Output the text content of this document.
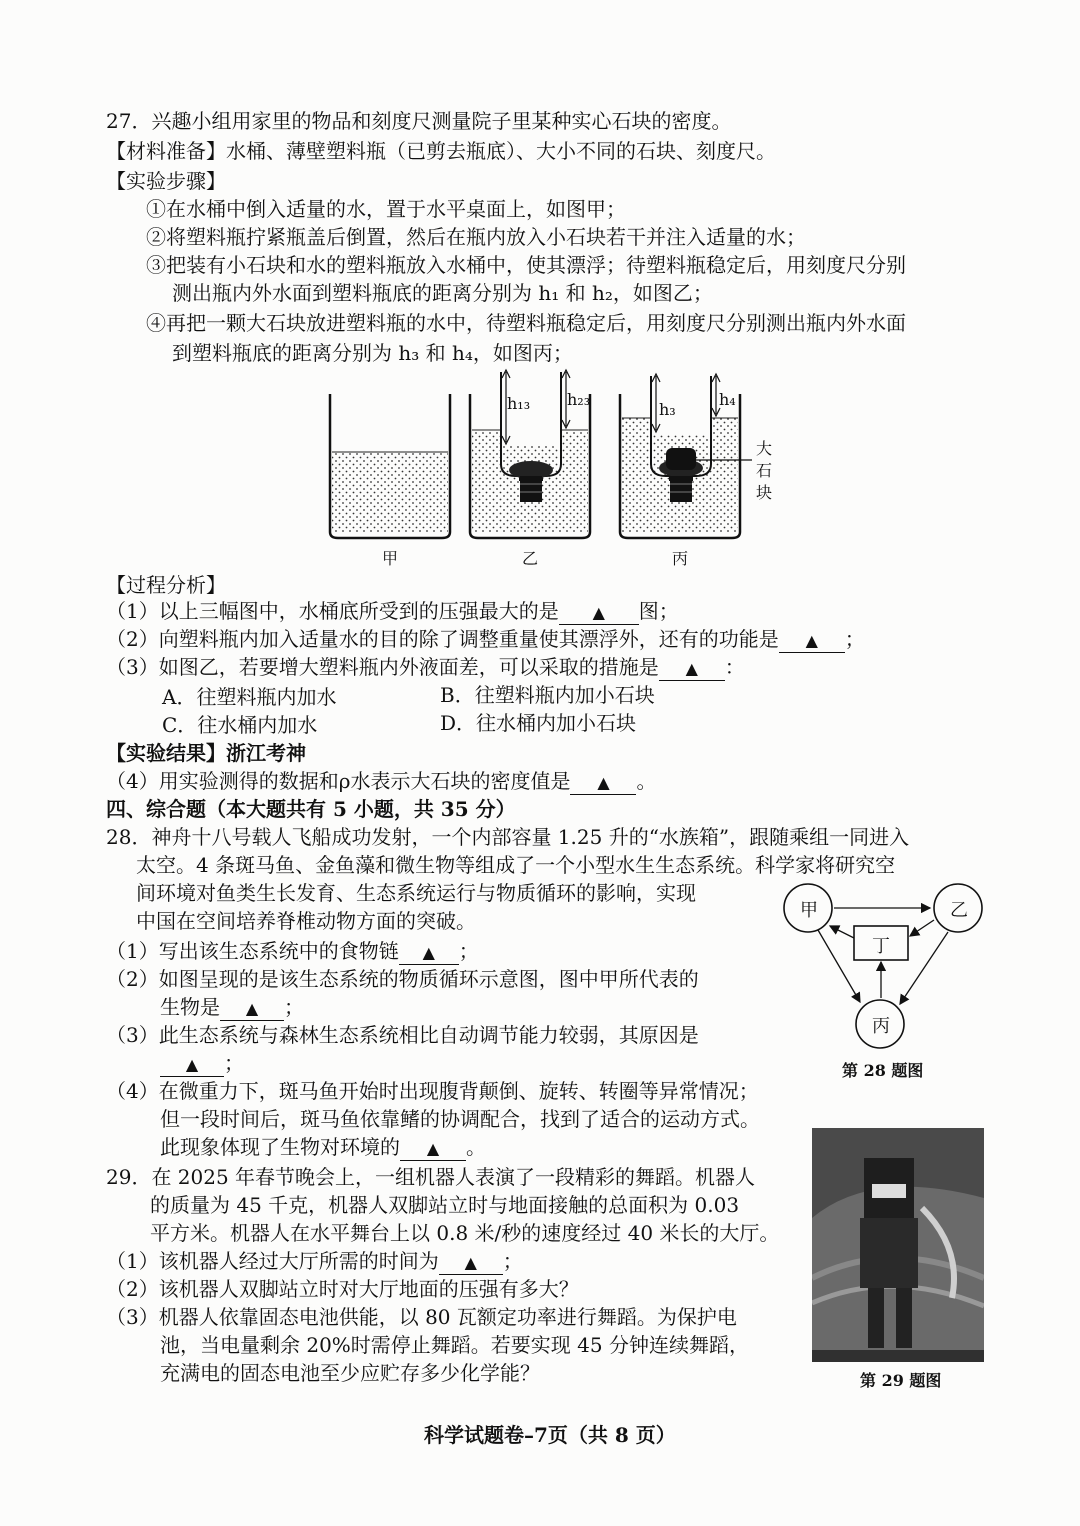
27．兴趣小组用家里的物品和刻度尺测量院子里某种实心石块的密度。
【材料准备】水桶、薄壁塑料瓶（已剪去瓶底）、大小不同的石块、刻度尺。
【实验步骤】
①在水桶中倒入适量的水，置于水平桌面上，如图甲；
②将塑料瓶拧紧瓶盖后倒置，然后在瓶内放入小石块若干并注入适量的水；
③把装有小石块和水的塑料瓶放入水桶中，使其漂浮；待塑料瓶稳定后，用刻度尺分别
测出瓶内外水面到塑料瓶底的距离分别为 h₁ 和 h₂，如图乙；
④再把一颗大石块放进塑料瓶的水中，待塑料瓶稳定后，用刻度尺分别测出瓶内外水面
到塑料瓶底的距离分别为 h₃ 和 h₄，如图丙；
h₁₃ h₂₃
h₃
h₄
大石块
甲	乙	丙
【过程分析】
（1）以上三幅图中，水桶底所受到的压强最大的是 ▲ 图；
（2）向塑料瓶内加入适量水的目的除了调整重量使其漂浮外，还有的功能是 ▲ ；
（3）如图乙，若要增大塑料瓶内外液面差，可以采取的措施是 ▲ ：
A．往塑料瓶内加水	B．往塑料瓶内加小石块
C．往水桶内加水	D．往水桶内加小石块
【实验结果】浙江考神
（4）用实验测得的数据和ρ水表示大石块的密度值是 ▲ 。
四、综合题（本大题共有 5 小题，共 35 分）
28．神舟十八号载人飞船成功发射，一个内部容量 1.25 升的“水族箱”，跟随乘组一同进入
太空。4 条斑马鱼、金鱼藻和微生物等组成了一个小型水生生态系统。科学家将研究空
间环境对鱼类生长发育、生态系统运行与物质循环的影响，实现
中国在空间培养脊椎动物方面的突破。
（1）写出该生态系统中的食物链 ▲ ；
（2）如图呈现的是该生态系统的物质循环示意图，图中甲所代表的
生物是 ▲ ；
（3）此生态系统与森林生态系统相比自动调节能力较弱，其原因是
▲ ；
（4）在微重力下，斑马鱼开始时出现腹背颠倒、旋转、转圈等异常情况；
但一段时间后，斑马鱼依靠鳍的协调配合，找到了适合的运动方式。
此现象体现了生物对环境的 ▲ 。
甲	乙
丁
丙
第 28 题图
29．在 2025 年春节晚会上，一组机器人表演了一段精彩的舞蹈。机器人
的质量为 45 千克，机器人双脚站立时与地面接触的总面积为 0.03
平方米。机器人在水平舞台上以 0.8 米/秒的速度经过 40 米长的大厅。
（1）该机器人经过大厅所需的时间为 ▲ ；
（2）该机器人双脚站立时对大厅地面的压强有多大？
（3）机器人依靠固态电池供能，以 80 瓦额定功率进行舞蹈。为保护电
池，当电量剩余 20%时需停止舞蹈。若要实现 45 分钟连续舞蹈，
充满电的固态电池至少应贮存多少化学能？	第 29 题图
科学试题卷–7页（共 8 页）
